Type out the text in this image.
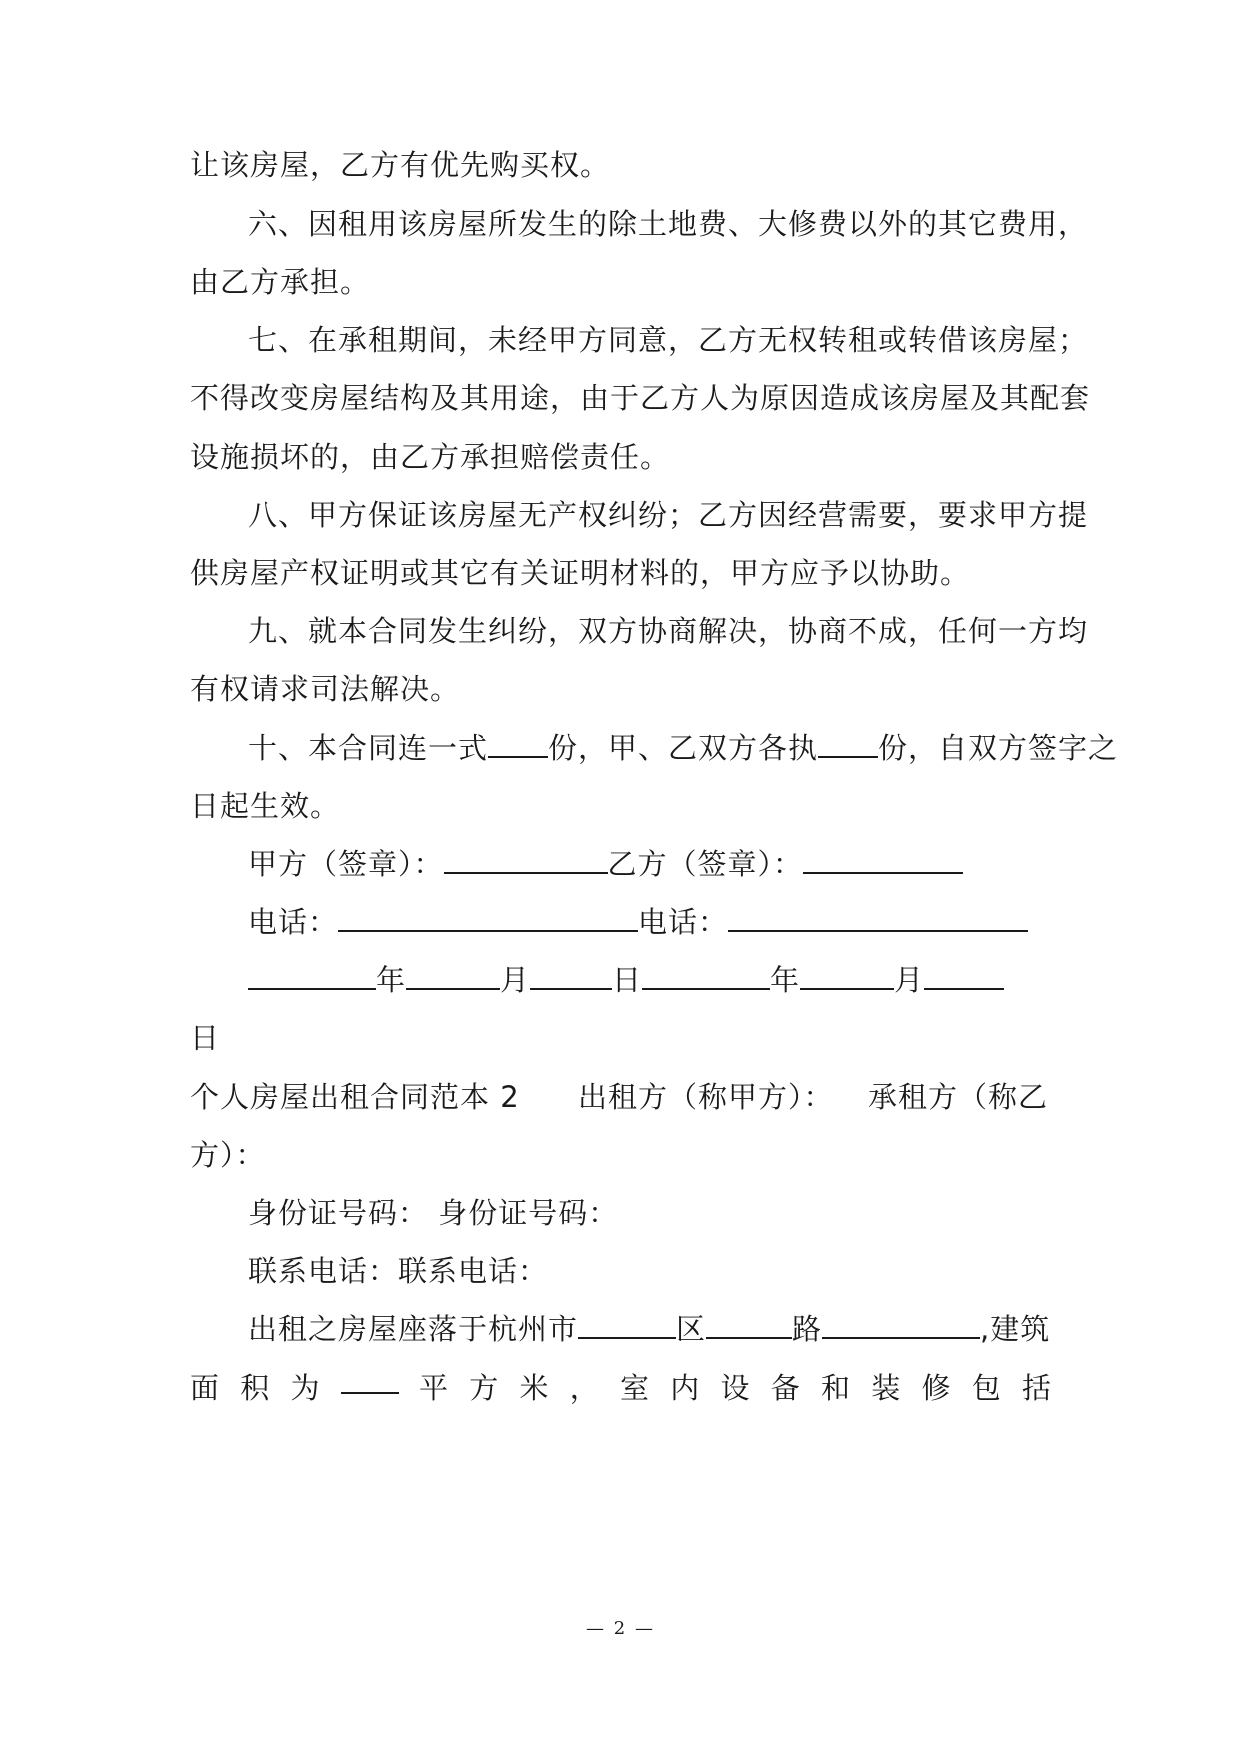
让该房屋，乙方有优先购买权。
六、因租用该房屋所发生的除土地费、大修费以外的其它费用，
由乙方承担。
七、在承租期间，未经甲方同意，乙方无权转租或转借该房屋；
不得改变房屋结构及其用途，由于乙方人为原因造成该房屋及其配套
设施损坏的，由乙方承担赔偿责任。
八、甲方保证该房屋无产权纠纷；乙方因经营需要，要求甲方提
供房屋产权证明或其它有关证明材料的，甲方应予以协助。
九、就本合同发生纠纷，双方协商解决，协商不成，任何一方均
有权请求司法解决。
十、本合同连一式 份，甲、乙双方各执 份，自双方签字之
日起生效。
甲方（签章）：	乙方（签章）：
电话：	电话：
年	月	日	年	月
日
个人房屋出租合同范本 2 出租方（称甲方）： 承租方（称乙
方）：
身份证号码： 身份证号码：
联系电话：联系电话：
出租之房屋座落于杭州市	区	路	,建筑
面 积 为	平 方 米 ， 室 内 设 备 和 装 修 包 括
— 2 —
